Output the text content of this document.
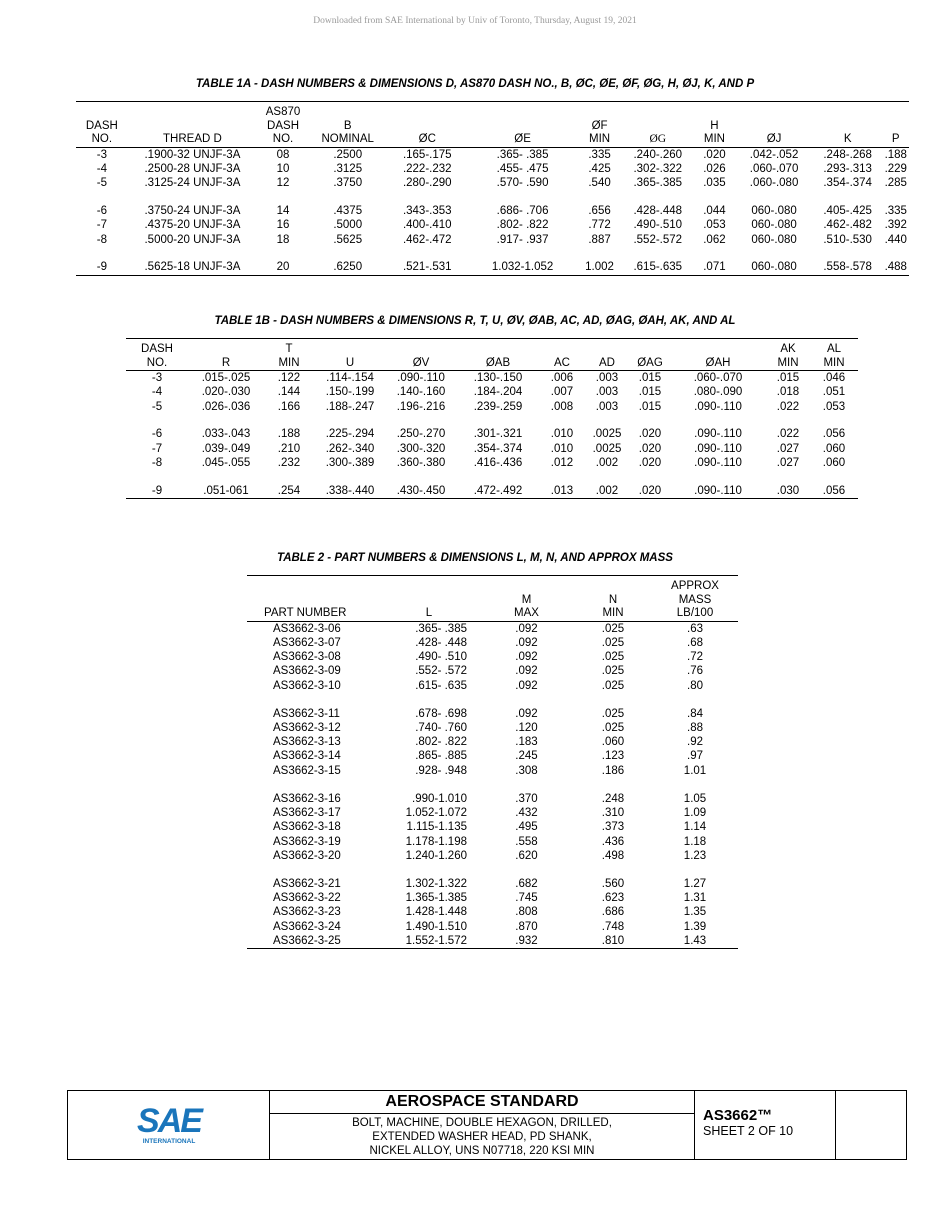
Downloaded from SAE International by Univ of Toronto, Thursday, August 19, 2021
TABLE 1A - DASH NUMBERS & DIMENSIONS D, AS870 DASH NO., B, ØC, ØE, ØF, ØG, H, ØJ, K, AND P
		AS870									
DASH		DASH	B			ØF		H			
NO.	THREAD D	NO.	NOMINAL	ØC	ØE	MIN	ØG	MIN	ØJ	K	P
-3	.1900-32 UNJF-3A	08	.2500	.165-.175	.365- .385	.335	.240-.260	.020	.042-.052	.248-.268	.188
-4	.2500-28 UNJF-3A	10	.3125	.222-.232	.455- .475	.425	.302-.322	.026	.060-.070	.293-.313	.229
-5	.3125-24 UNJF-3A	12	.3750	.280-.290	.570- .590	.540	.365-.385	.035	.060-.080	.354-.374	.285

-6	.3750-24 UNJF-3A	14	.4375	.343-.353	.686- .706	.656	.428-.448	.044	060-.080	.405-.425	.335
-7	.4375-20 UNJF-3A	16	.5000	.400-.410	.802- .822	.772	.490-.510	.053	060-.080	.462-.482	.392
-8	.5000-20 UNJF-3A	18	.5625	.462-.472	.917- .937	.887	.552-.572	.062	060-.080	.510-.530	.440

-9	.5625-18 UNJF-3A	20	.6250	.521-.531	1.032-1.052	1.002	.615-.635	.071	060-.080	.558-.578	.488
TABLE 1B - DASH NUMBERS & DIMENSIONS R, T, U, ØV, ØAB, AC, AD, ØAG, ØAH, AK, AND AL
DASH		T								AK	AL
NO.	R	MIN	U	ØV	ØAB	AC	AD	ØAG	ØAH	MIN	MIN
-3	.015-.025	.122	.114-.154	.090-.110	.130-.150	.006	.003	.015	.060-.070	.015	.046
-4	.020-.030	.144	.150-.199	.140-.160	.184-.204	.007	.003	.015	.080-.090	.018	.051
-5	.026-.036	.166	.188-.247	.196-.216	.239-.259	.008	.003	.015	.090-.110	.022	.053

-6	.033-.043	.188	.225-.294	.250-.270	.301-.321	.010	.0025	.020	.090-.110	.022	.056
-7	.039-.049	.210	.262-.340	.300-.320	.354-.374	.010	.0025	.020	.090-.110	.027	.060
-8	.045-.055	.232	.300-.389	.360-.380	.416-.436	.012	.002	.020	.090-.110	.027	.060

-9	.051-061	.254	.338-.440	.430-.450	.472-.492	.013	.002	.020	.090-.110	.030	.056
TABLE 2 - PART NUMBERS & DIMENSIONS L, M, N, AND APPROX MASS
				APPROX
		M	N	MASS
PART NUMBER	L	MAX	MIN	LB/100
AS3662-3-06	.365- .385	.092	.025	.63
AS3662-3-07	.428- .448	.092	.025	.68
AS3662-3-08	.490- .510	.092	.025	.72
AS3662-3-09	.552- .572	.092	.025	.76
AS3662-3-10	.615- .635	.092	.025	.80

AS3662-3-11	.678- .698	.092	.025	.84
AS3662-3-12	.740- .760	.120	.025	.88
AS3662-3-13	.802- .822	.183	.060	.92
AS3662-3-14	.865- .885	.245	.123	.97
AS3662-3-15	.928- .948	.308	.186	1.01

AS3662-3-16	.990-1.010	.370	.248	1.05
AS3662-3-17	1.052-1.072	.432	.310	1.09
AS3662-3-18	1.115-1.135	.495	.373	1.14
AS3662-3-19	1.178-1.198	.558	.436	1.18
AS3662-3-20	1.240-1.260	.620	.498	1.23

AS3662-3-21	1.302-1.322	.682	.560	1.27
AS3662-3-22	1.365-1.385	.745	.623	1.31
AS3662-3-23	1.428-1.448	.808	.686	1.35
AS3662-3-24	1.490-1.510	.870	.748	1.39
AS3662-3-25	1.552-1.572	.932	.810	1.43
SAE
INTERNATIONAL
AEROSPACE STANDARD
BOLT, MACHINE, DOUBLE HEXAGON, DRILLED,
EXTENDED WASHER HEAD, PD SHANK,
NICKEL ALLOY, UNS N07718, 220 KSI MIN
AS3662™
SHEET 2 OF 10
